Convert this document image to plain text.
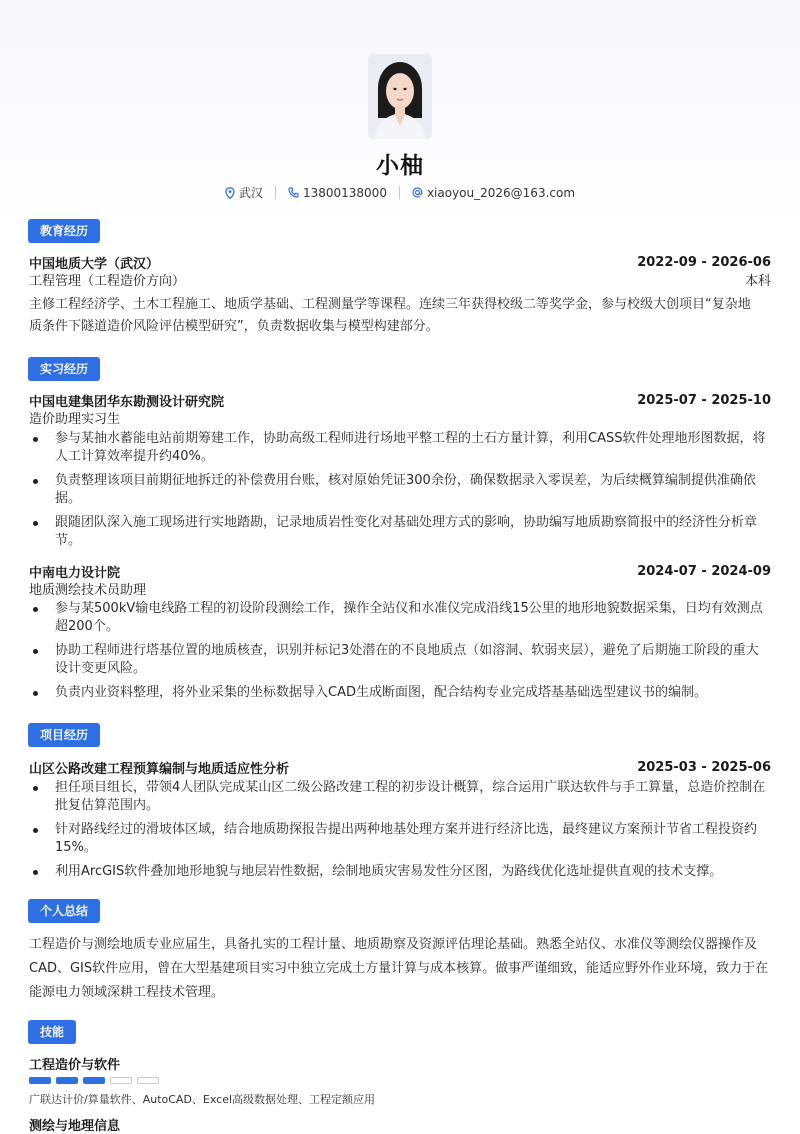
小柚
武汉	13800138000	xiaoyou_2026@163.com
教育经历
中国地质大学（武汉）	2022-09 - 2026-06
工程管理（工程造价方向）	本科
主修工程经济学、土木工程施工、地质学基础、工程测量学等课程。连续三年获得校级二等奖学金，参与校级大创项目“复杂地
质条件下隧道造价风险评估模型研究”，负责数据收集与模型构建部分。
实习经历
中国电建集团华东勘测设计研究院	2025-07 - 2025-10
造价助理实习生
参与某抽水蓄能电站前期筹建工作，协助高级工程师进行场地平整工程的土石方量计算，利用CASS软件处理地形图数据，将人工计算效率提升约40%。
负责整理该项目前期征地拆迁的补偿费用台账，核对原始凭证300余份，确保数据录入零误差，为后续概算编制提供准确依据。
跟随团队深入施工现场进行实地踏勘，记录地质岩性变化对基础处理方式的影响，协助编写地质勘察简报中的经济性分析章节。
中南电力设计院	2024-07 - 2024-09
地质测绘技术员助理
参与某500kV输电线路工程的初设阶段测绘工作，操作全站仪和水准仪完成沿线15公里的地形地貌数据采集，日均有效测点超200个。
协助工程师进行塔基位置的地质核查，识别并标记3处潜在的不良地质点（如溶洞、软弱夹层），避免了后期施工阶段的重大设计变更风险。
负责内业资料整理，将外业采集的坐标数据导入CAD生成断面图，配合结构专业完成塔基基础选型建议书的编制。
项目经历
山区公路改建工程预算编制与地质适应性分析	2025-03 - 2025-06
担任项目组长，带领4人团队完成某山区二级公路改建工程的初步设计概算，综合运用广联达软件与手工算量，总造价控制在批复估算范围内。
针对路线经过的滑坡体区域，结合地质勘探报告提出两种地基处理方案并进行经济比选，最终建议方案预计节省工程投资约15%。
利用ArcGIS软件叠加地形地貌与地层岩性数据，绘制地质灾害易发性分区图，为路线优化选址提供直观的技术支撑。
个人总结
工程造价与测绘地质专业应届生，具备扎实的工程计量、地质勘察及资源评估理论基础。熟悉全站仪、水准仪等测绘仪器操作及
CAD、GIS软件应用，曾在大型基建项目实习中独立完成土方量计算与成本核算。做事严谨细致，能适应野外作业环境，致力于在
能源电力领域深耕工程技术管理。
技能
工程造价与软件
广联达计价/算量软件、AutoCAD、Excel高级数据处理、工程定额应用
测绘与地理信息
